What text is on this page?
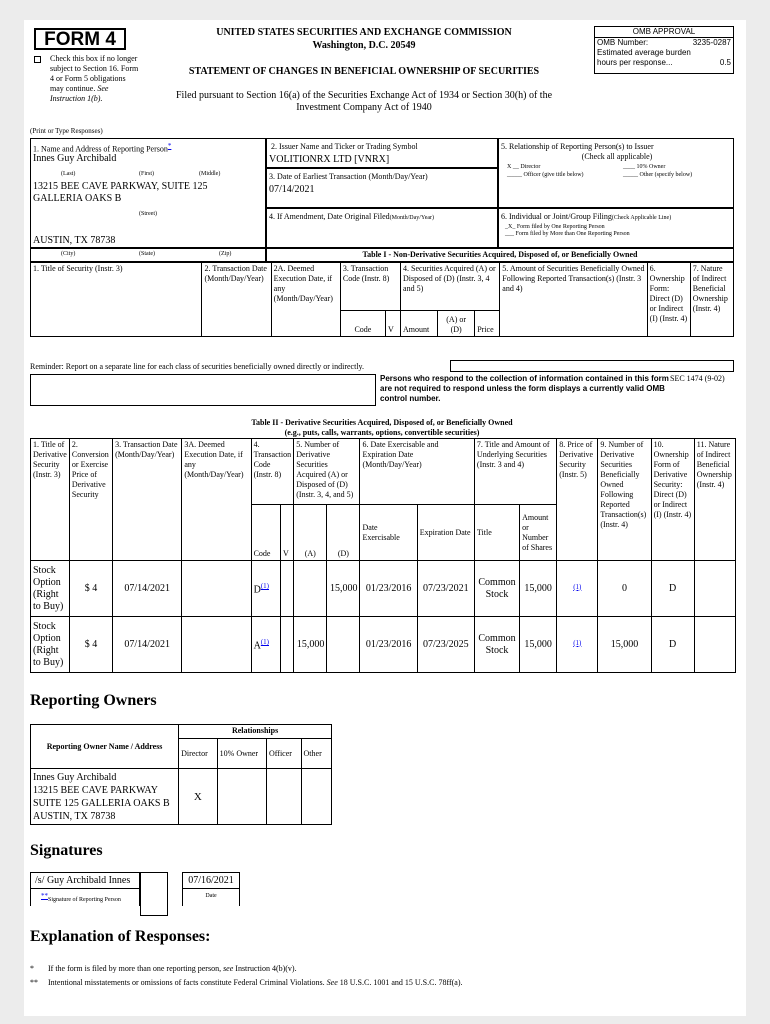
FORM 4
Check this box if no longer subject to Section 16. Form 4 or Form 5 obligations may continue. See Instruction 1(b).
UNITED STATES SECURITIES AND EXCHANGE COMMISSION
Washington, D.C. 20549
STATEMENT OF CHANGES IN BENEFICIAL OWNERSHIP OF SECURITIES
Filed pursuant to Section 16(a) of the Securities Exchange Act of 1934 or Section 30(h) of the Investment Company Act of 1940
OMB APPROVAL
OMB Number:	3235-0287
Estimated average burden
hours per response...	0.5
(Print or Type Responses)
1. Name and Address of Reporting Person*
Innes Guy Archibald
(Last)	(First)	(Middle)
13215 BEE CAVE PARKWAY, SUITE 125
GALLERIA OAKS B
(Street)
AUSTIN, TX 78738
(City)	(State)	(Zip)
2. Issuer Name and Ticker or Trading Symbol
VOLITIONRX LTD [VNRX]
3. Date of Earliest Transaction (Month/Day/Year)
07/14/2021
4. If Amendment, Date Original Filed(Month/Day/Year)
5. Relationship of Reporting Person(s) to Issuer
(Check all applicable)
X __ Director	____ 10% Owner
_____ Officer (give title below)	_____ Other (specify below)
6. Individual or Joint/Group Filing(Check Applicable Line)
_X_ Form filed by One Reporting Person
___ Form filed by More than One Reporting Person
Table I - Non-Derivative Securities Acquired, Disposed of, or Beneficially Owned
1. Title of Security (Instr. 3)	2. Transaction Date (Month/Day/Year)	2A. Deemed Execution Date, if any (Month/Day/Year)	3. Transaction Code (Instr. 8)		4. Securities Acquired (A) or Disposed of (D) (Instr. 3, 4 and 5)			5. Amount of Securities Beneficially Owned Following Reported Transaction(s) (Instr. 3 and 4)	6. Ownership Form: Direct (D) or Indirect (I) (Instr. 4)	7. Nature of Indirect Beneficial Ownership (Instr. 4)
			Code	V	Amount	(A) or (D)	Price			
Reminder: Report on a separate line for each class of securities beneficially owned directly or indirectly.
Persons who respond to the collection of information contained in this form are not required to respond unless the form displays a currently valid OMB control number.
SEC 1474 (9-02)
Table II - Derivative Securities Acquired, Disposed of, or Beneficially Owned
(e.g., puts, calls, warrants, options, convertible securities)
1. Title of Derivative Security (Instr. 3)	2. Conversion or Exercise Price of Derivative Security	3. Transaction Date (Month/Day/Year)	3A. Deemed Execution Date, if any (Month/Day/Year)	4. Transaction Code (Instr. 8)		5. Number of Derivative Securities Acquired (A) or Disposed of (D) (Instr. 3, 4, and 5)		6. Date Exercisable and Expiration Date (Month/Day/Year)		7. Title and Amount of Underlying Securities (Instr. 3 and 4)		8. Price of Derivative Security (Instr. 5)	9. Number of Derivative Securities Beneficially Owned Following Reported Transaction(s) (Instr. 4)	10. Ownership Form of Derivative Security: Direct (D) or Indirect (I) (Instr. 4)	11. Nature of Indirect Beneficial Ownership (Instr. 4)
				Code	V	(A)	(D)	Date Exercisable	Expiration Date	Title	Amount or Number of Shares				
Stock Option (Right to Buy)	$ 4	07/14/2021		D$^{(1)}$			15,000	01/23/2016	07/23/2021	Common Stock	15,000	(1)	0	D	
Stock Option (Right to Buy)	$ 4	07/14/2021		A$^{(1)}$		15,000		01/23/2016	07/23/2025	Common Stock	15,000	(1)	15,000	D	
Reporting Owners
Reporting Owner Name / Address	Relationships			
	Director	10% Owner	Officer	Other

Innes Guy Archibald
13215 BEE CAVE PARKWAY
SUITE 125 GALLERIA OAKS B
AUSTIN, TX 78738	X			
Signatures
/s/ Guy Archibald Innes
**Signature of Reporting Person
07/16/2021
Date
Explanation of Responses:
* If the form is filed by more than one reporting person, see Instruction 4(b)(v).
** Intentional misstatements or omissions of facts constitute Federal Criminal Violations. See 18 U.S.C. 1001 and 15 U.S.C. 78ff(a).
